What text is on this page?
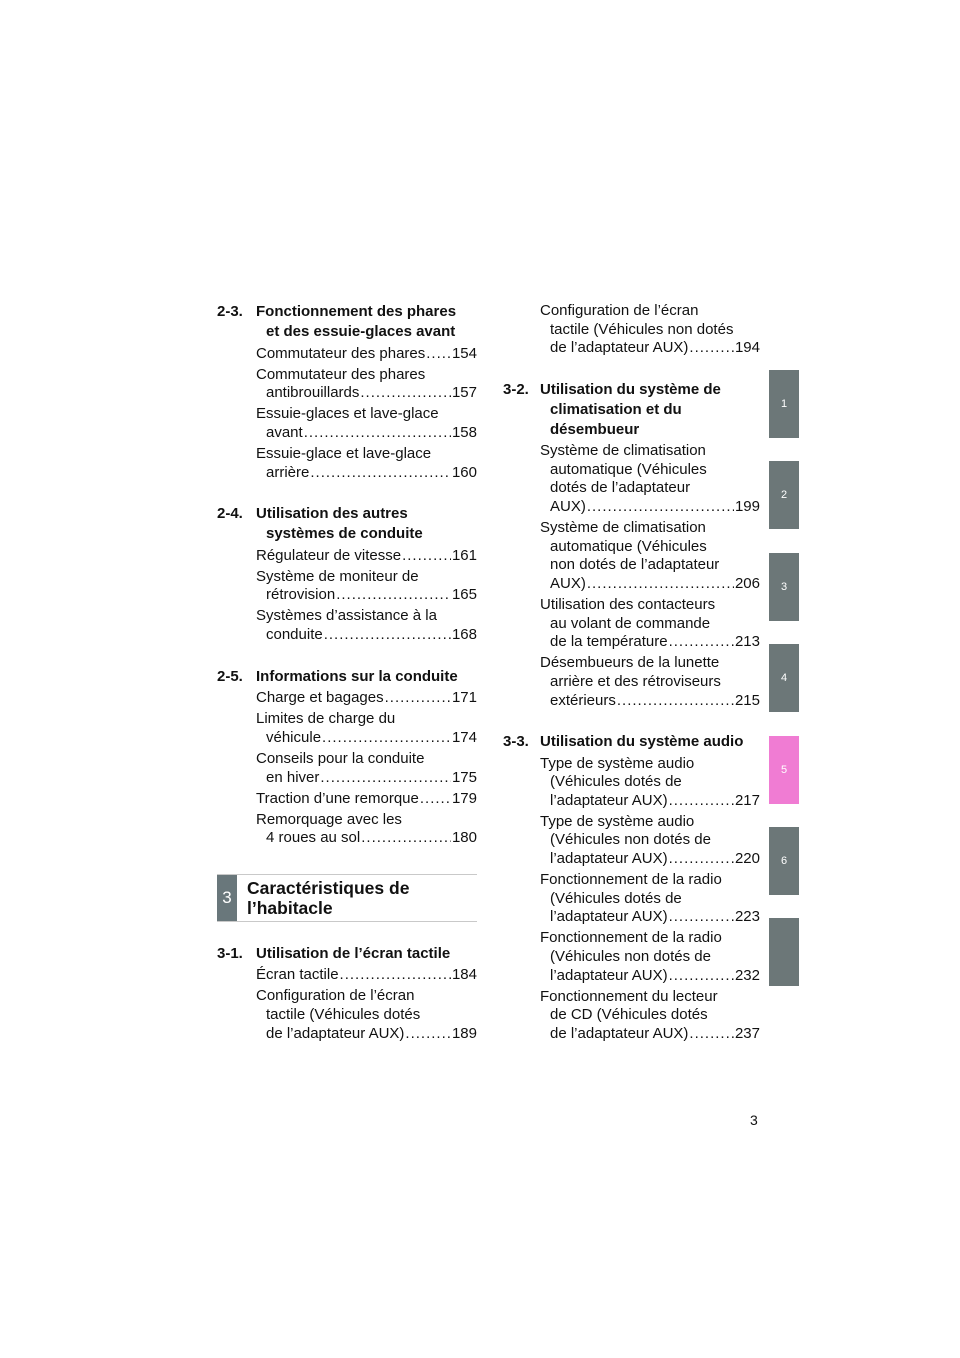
2-3. Fonctionnement des phares
et des essuie-glaces avant
Commutateur des phares ..... 154
Commutateur des phares
antibrouillards .....	157
Essuie-glaces et lave-glace
avant .....	158
Essuie-glace et lave-glace
arrière .....	160
2-4. Utilisation des autres
systèmes de conduite
Régulateur de vitesse .....	161
Système de moniteur de
rétrovision .....	165
Systèmes d’assistance à la
conduite .....	168
2-5. Informations sur la conduite
Charge et bagages .....	171
Limites de charge du
véhicule .....	174
Conseils pour la conduite
en hiver .....	175
Traction d’une remorque ..... 179
Remorquage avec les
4 roues au sol .....	180
3 Caractéristiques de
l’habitacle
3-1. Utilisation de l’écran tactile
Écran tactile .....	184
Configuration de l’écran
tactile (Véhicules dotés
de l’adaptateur AUX) .....	189
Configuration de l’écran
tactile (Véhicules non dotés
de l’adaptateur AUX) .....	194
3-2. Utilisation du système de
climatisation et du
désembueur
Système de climatisation
automatique (Véhicules
dotés de l’adaptateur
AUX) .....	199
Système de climatisation
automatique (Véhicules
non dotés de l’adaptateur
AUX) .....	206
Utilisation des contacteurs
au volant de commande
de la température .....	213
Désembueurs de la lunette
arrière et des rétroviseurs
extérieurs .....	215
3-3. Utilisation du système audio
Type de système audio
(Véhicules dotés de
l’adaptateur AUX) .....	217
Type de système audio
(Véhicules non dotés de
l’adaptateur AUX) .....	220
Fonctionnement de la radio
(Véhicules dotés de
l’adaptateur AUX) .....	223
Fonctionnement de la radio
(Véhicules non dotés de
l’adaptateur AUX) .....	232
Fonctionnement du lecteur
de CD (Véhicules dotés
de l’adaptateur AUX) .....	237
1
2
3
4
5
6
3
